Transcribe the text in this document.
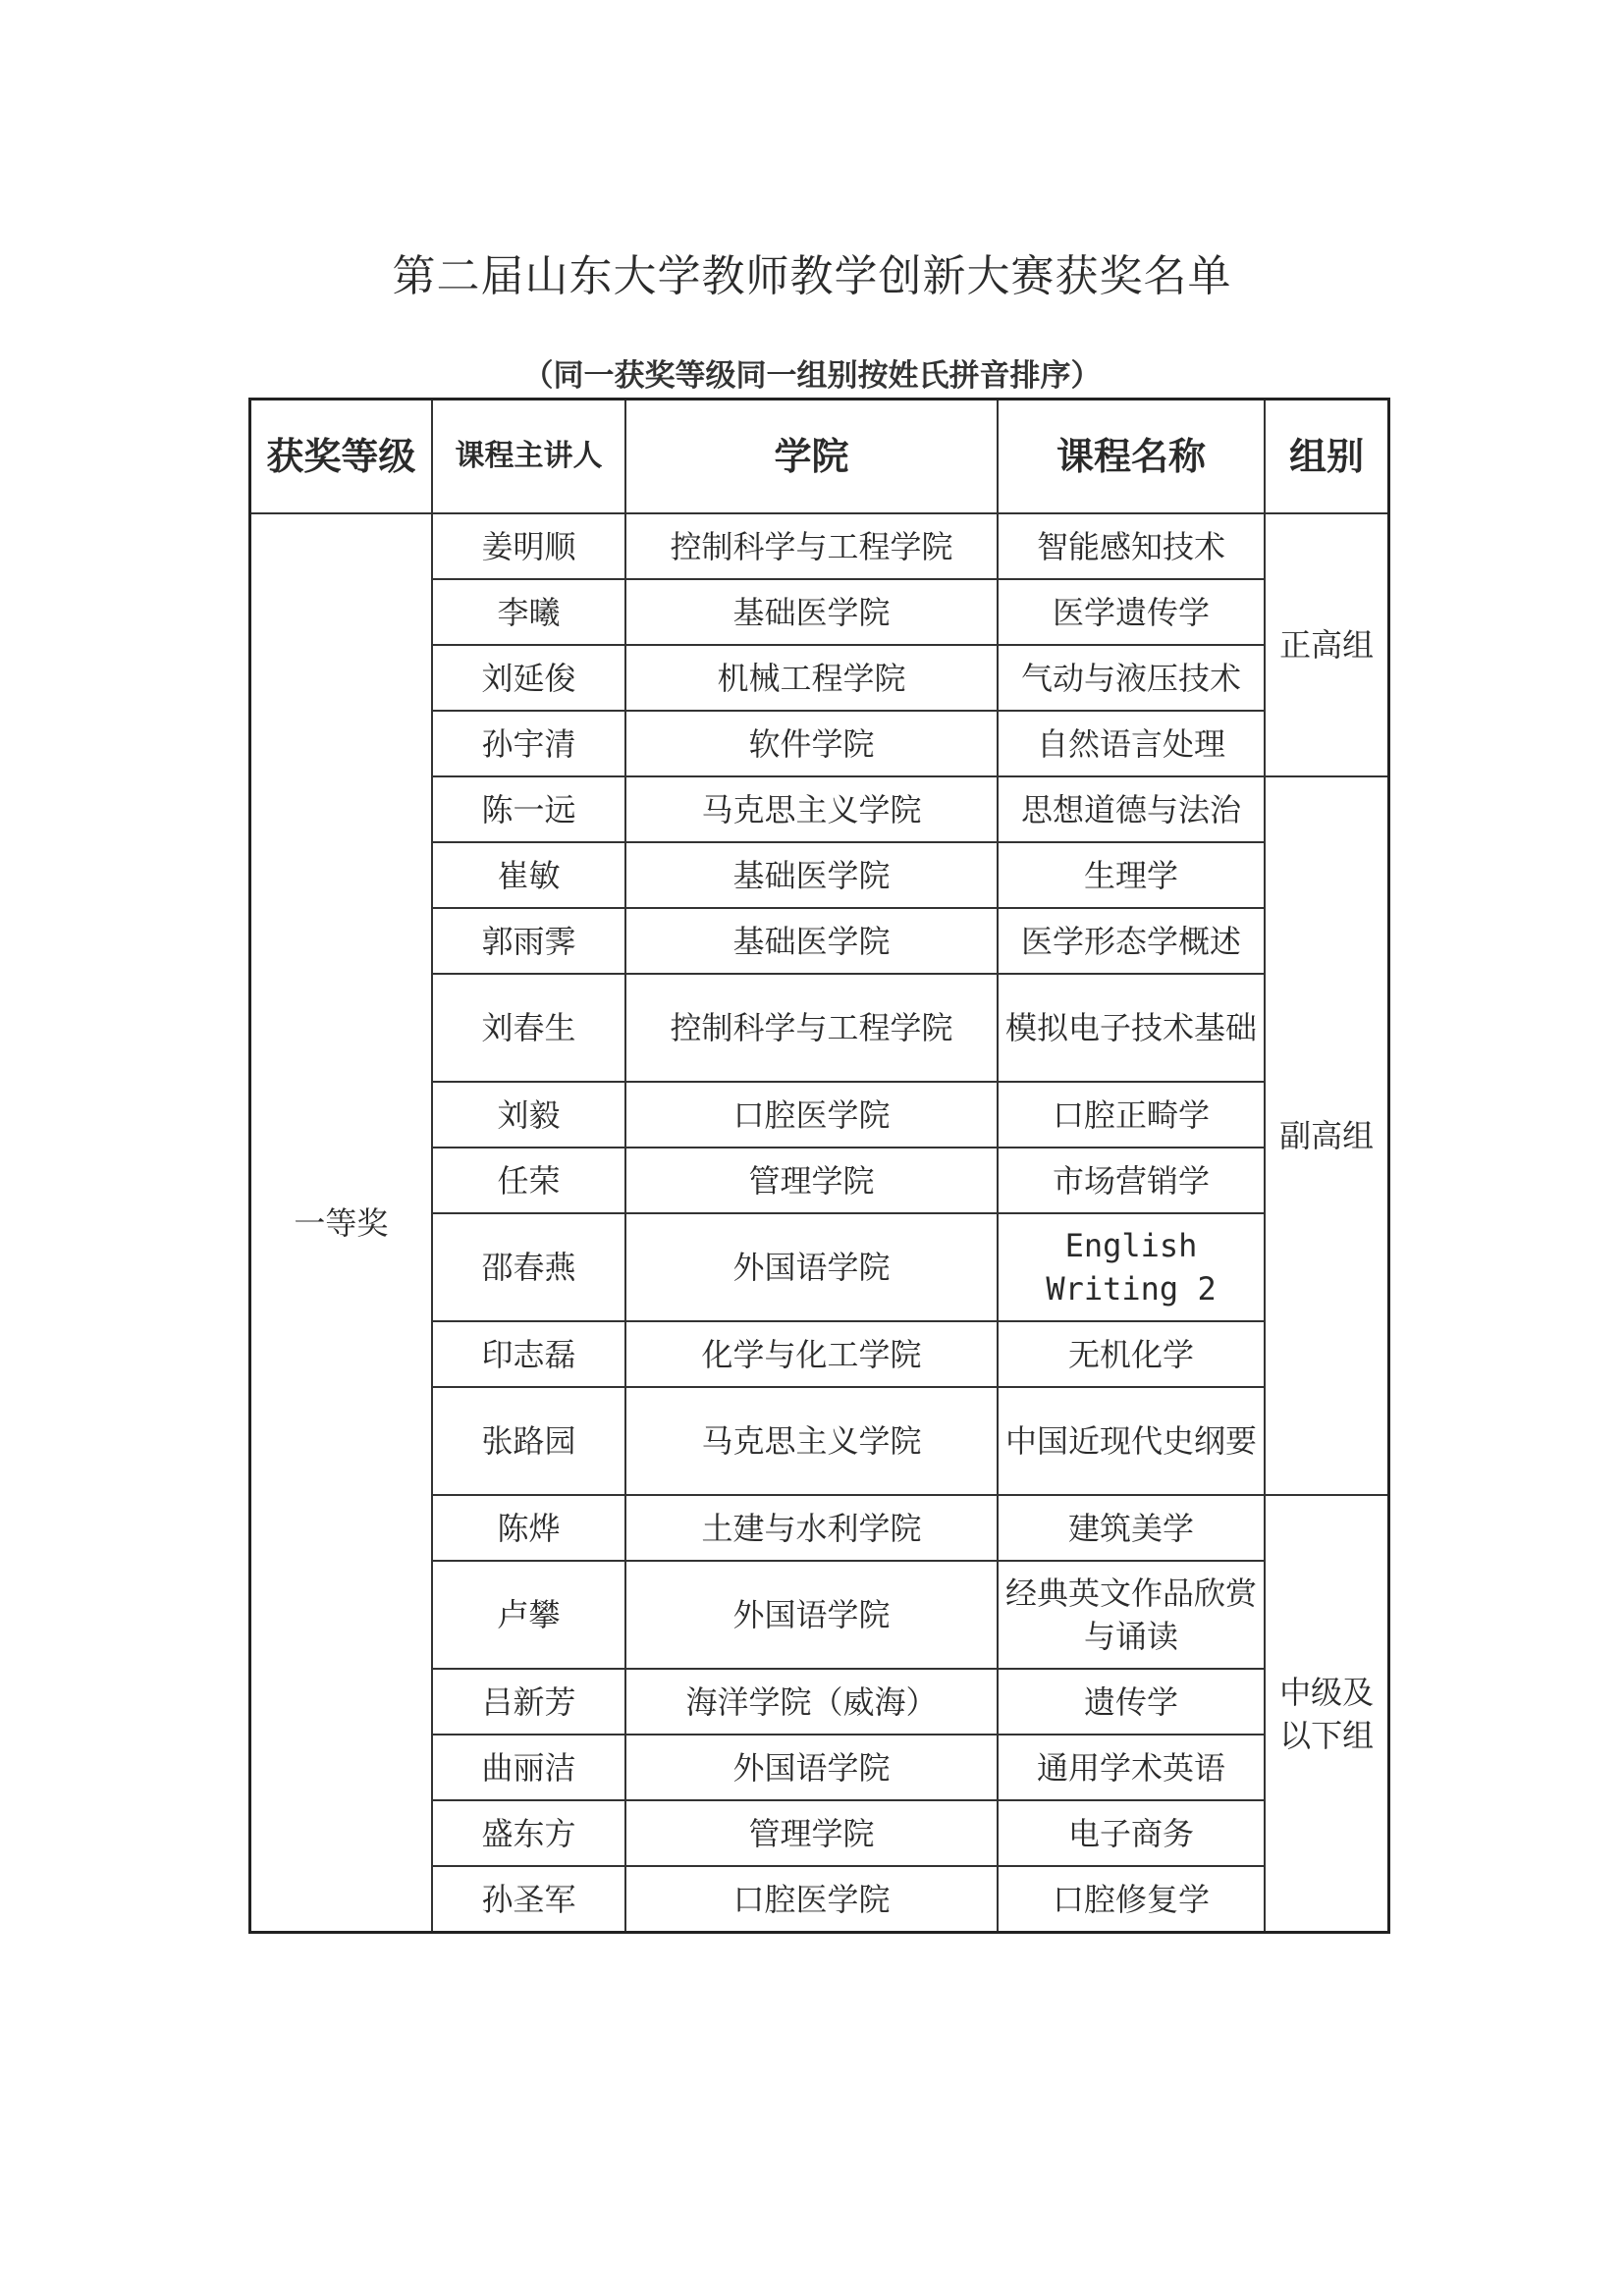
第二届山东大学教师教学创新大赛获奖名单
（同一获奖等级同一组别按姓氏拼音排序）
获奖等级	课程主讲人	学院	课程名称	组别
一等奖	姜明顺	控制科学与工程学院	智能感知技术	正高组
	李曦	基础医学院	医学遗传学	
	刘延俊	机械工程学院	气动与液压技术	
	孙宇清	软件学院	自然语言处理	
	陈一远	马克思主义学院	思想道德与法治	副高组
	崔敏	基础医学院	生理学	
	郭雨霁	基础医学院	医学形态学概述	
	刘春生	控制科学与工程学院	模拟电子技术基础	
	刘毅	口腔医学院	口腔正畸学	
	任荣	管理学院	市场营销学	
	邵春燕	外国语学院	English Writing 2	
	印志磊	化学与化工学院	无机化学	
	张路园	马克思主义学院	中国近现代史纲要	
	陈烨	土建与水利学院	建筑美学	中级及以下组
	卢攀	外国语学院	经典英文作品欣赏与诵读	
	吕新芳	海洋学院（威海）	遗传学	
	曲丽洁	外国语学院	通用学术英语	
	盛东方	管理学院	电子商务	
	孙圣军	口腔医学院	口腔修复学	
